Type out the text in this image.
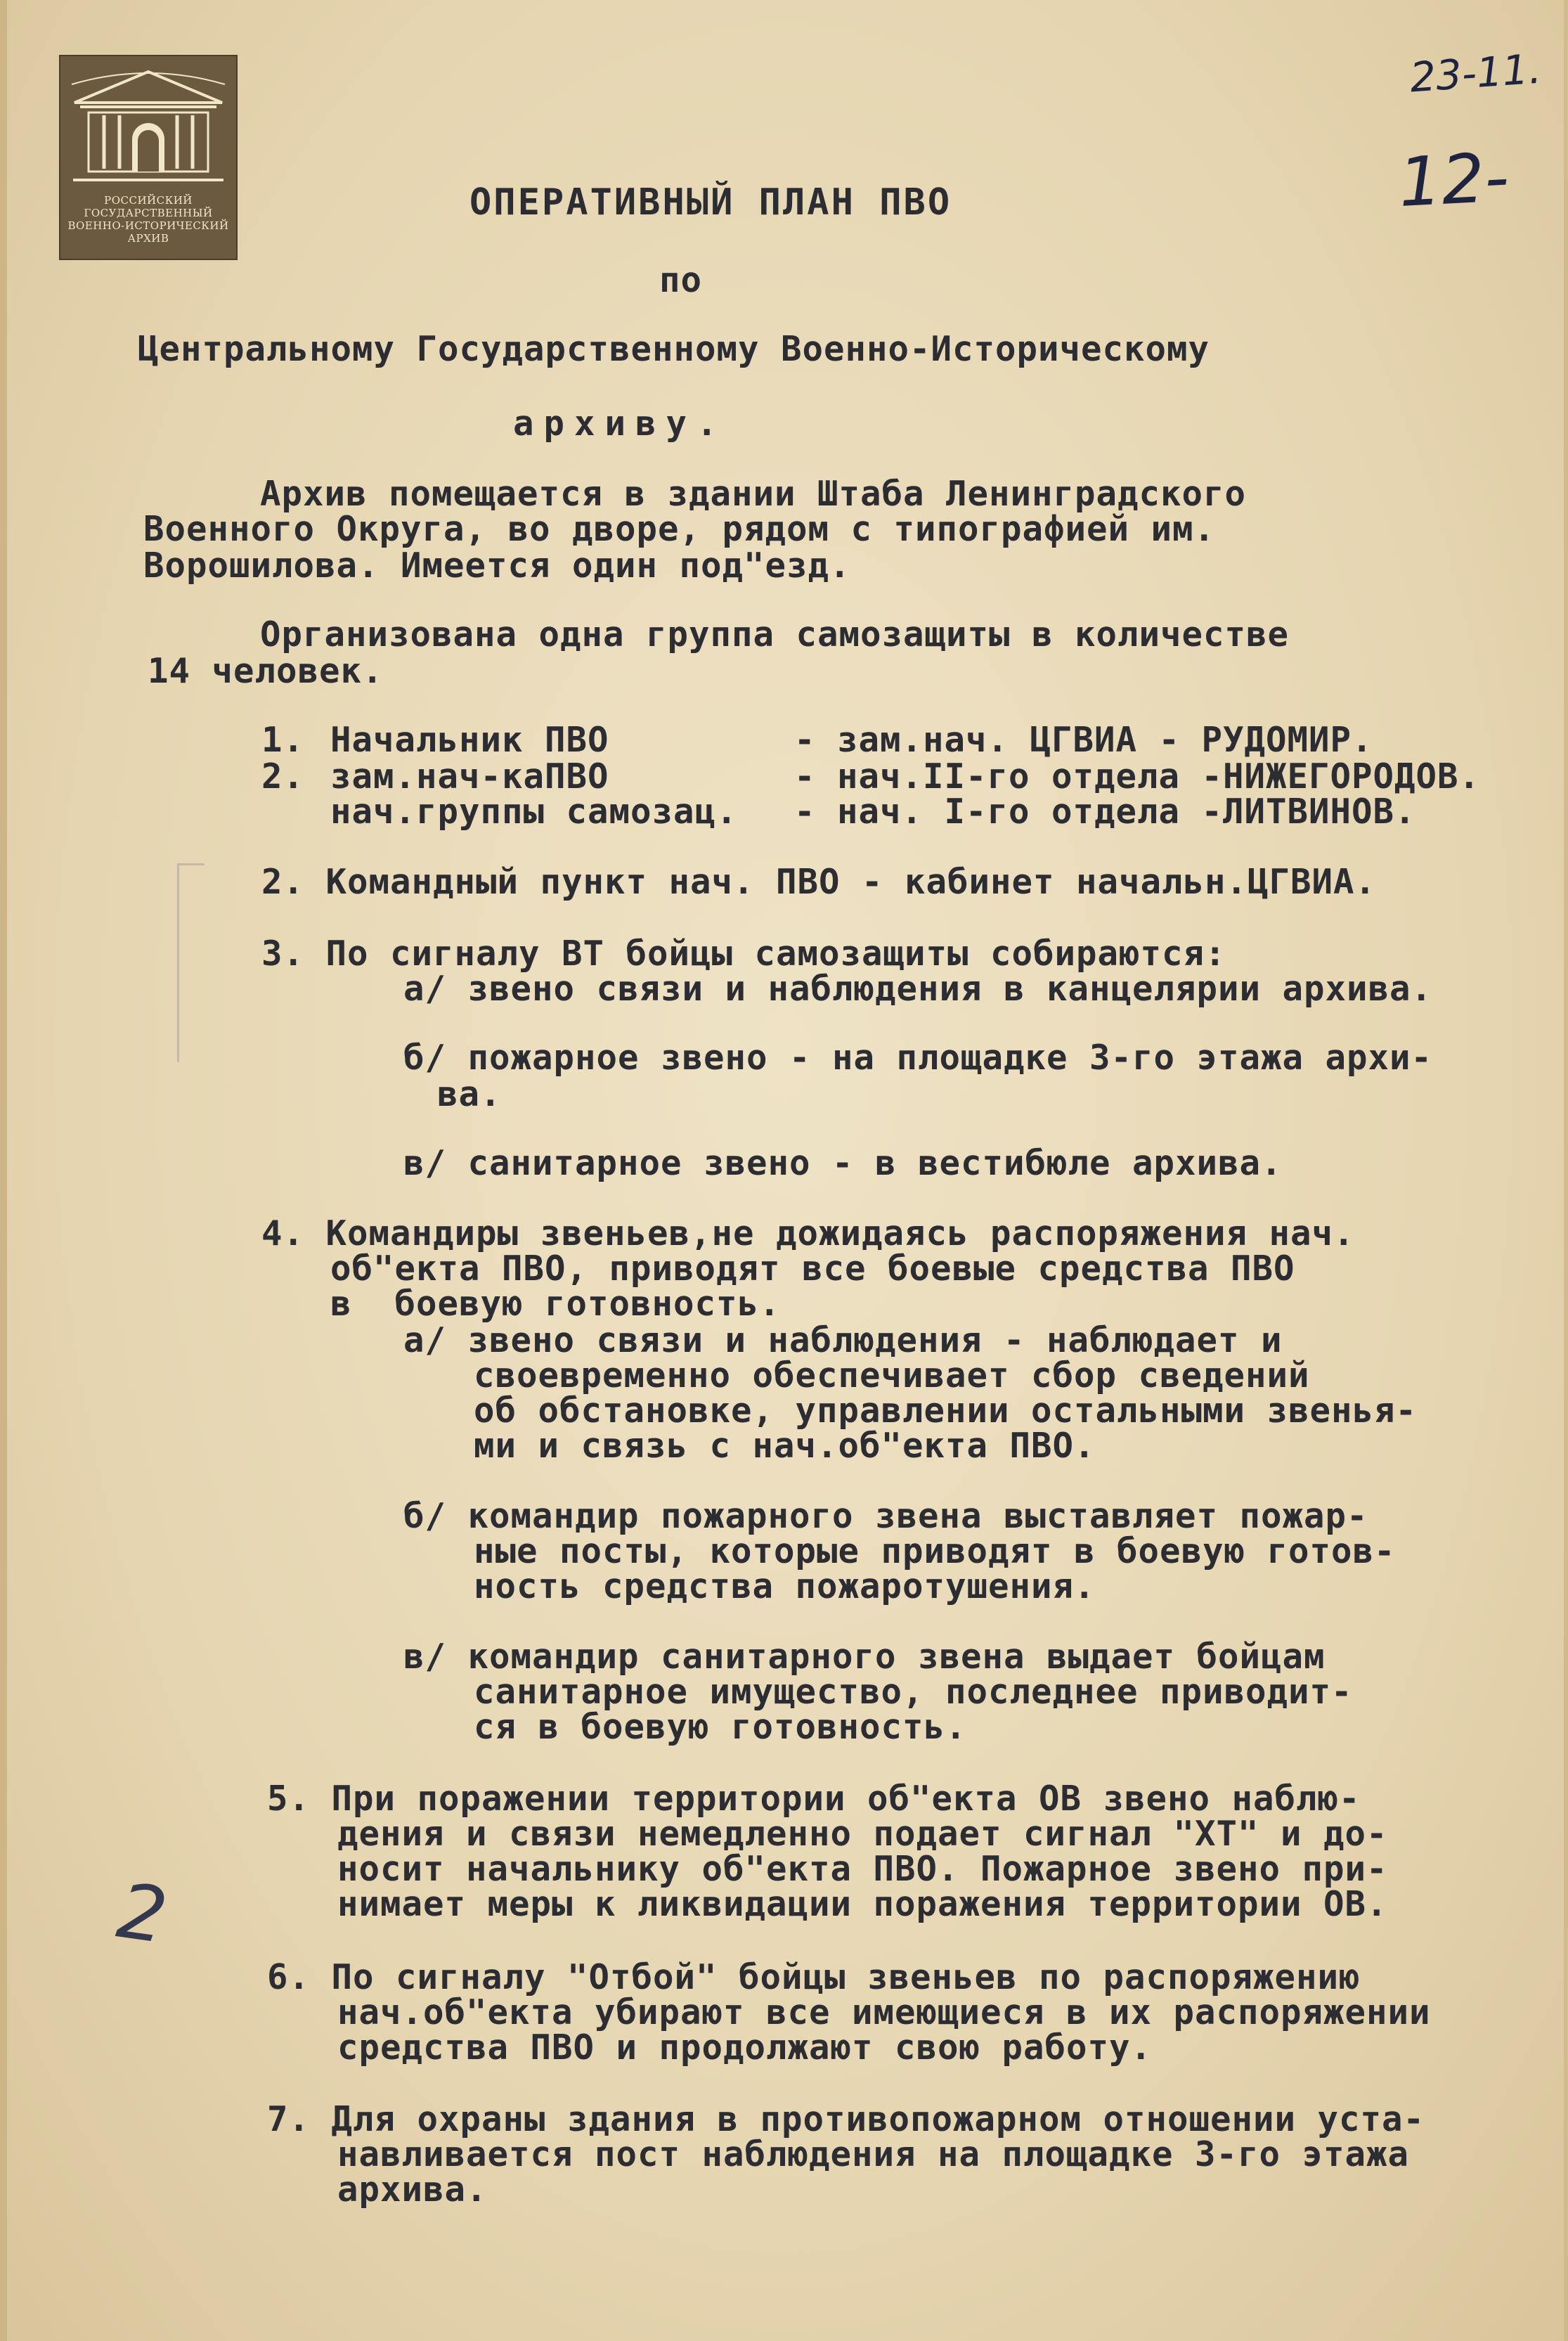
РОССИЙСКИЙ
ГОСУДАРСТВЕННЫЙ
ВОЕННО-ИСТОРИЧЕСКИЙ
АРХИВ
23-11.
12-
2
ОПЕРАТИВНЫЙ ПЛАН ПВО
по
Центральному Государственному Военно-Историческому
архиву.
Архив помещается в здании Штаба Ленинградского
Военного Округа, во дворе, рядом с типографией им.
Ворошилова. Имеется один под"езд.
Организована одна группа самозащиты в количестве
14 человек.
1. Начальник ПВО	- зам.нач. ЦГВИА - РУДОМИР.
2. зам.нач-каПВО	- нач.II-го отдела -НИЖЕГОРОДОВ.
нач.группы самозац. - нач. I-го отдела -ЛИТВИНОВ.
2. Командный пункт нач. ПВО - кабинет начальн.ЦГВИА.
3. По сигналу ВТ бойцы самозащиты собираются:
а/ звено связи и наблюдения в канцелярии архива.
б/ пожарное звено - на площадке 3-го этажа архи-
ва.
в/ санитарное звено - в вестибюле архива.
4. Командиры звеньев,не дожидаясь распоряжения нач.
об"екта ПВО, приводят все боевые средства ПВО
в  боевую готовность.
а/ звено связи и наблюдения - наблюдает и
своевременно обеспечивает сбор сведений
об обстановке, управлении остальными звенья-
ми и связь с нач.об"екта ПВО.
б/ командир пожарного звена выставляет пожар-
ные посты, которые приводят в боевую готов-
ность средства пожаротушения.
в/ командир санитарного звена выдает бойцам
санитарное имущество, последнее приводит-
ся в боевую готовность.
5. При поражении территории об"екта ОВ звено наблю-
дения и связи немедленно подает сигнал "ХТ" и до-
носит начальнику об"екта ПВО. Пожарное звено при-
нимает меры к ликвидации поражения территории ОВ.
6. По сигналу "Отбой" бойцы звеньев по распоряжению
нач.об"екта убирают все имеющиеся в их распоряжении
средства ПВО и продолжают свою работу.
7. Для охраны здания в противопожарном отношении уста-
навливается пост наблюдения на площадке 3-го этажа
архива.
